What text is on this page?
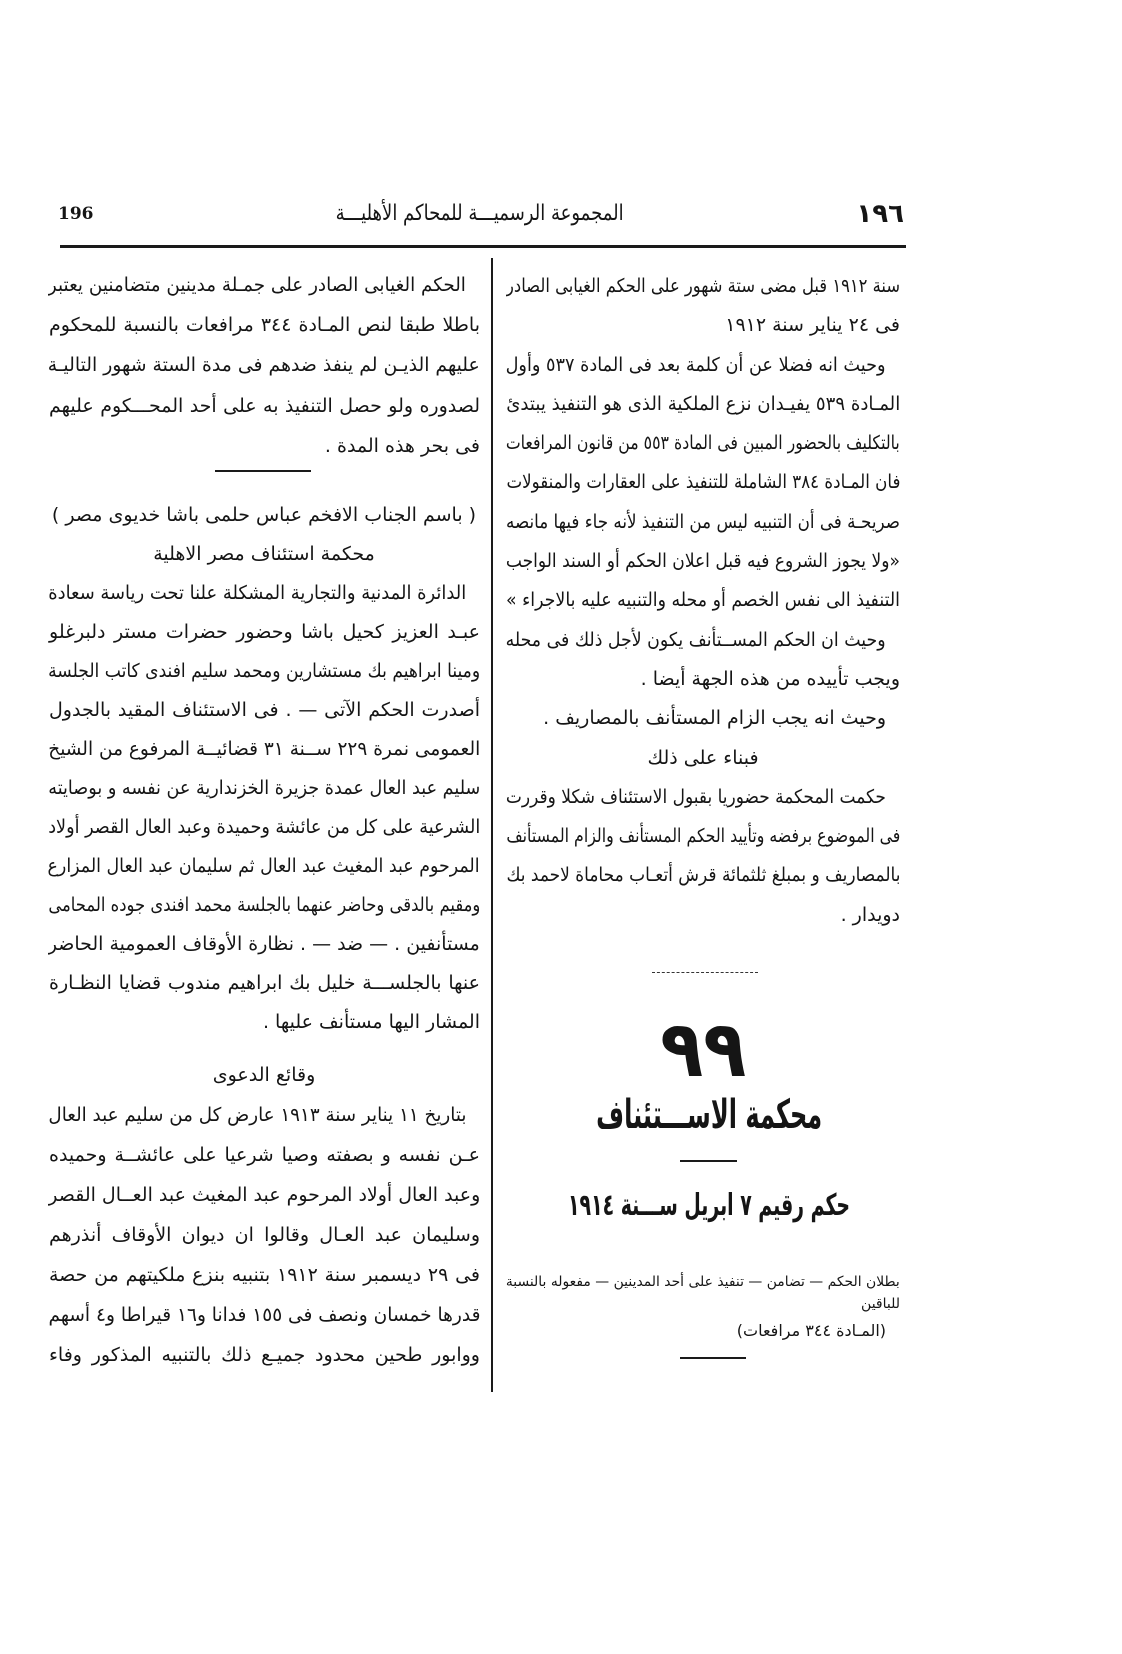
١٩٦
المجموعة الرسميـــة للمحاكم الأهليـــة
196
سنة ١٩١٢ قبل مضى ستة شهور على الحكم الغيابى الصادر
فى ٢٤ يناير سنة ١٩١٢
وحيث انه فضلا عن أن كلمة بعد فى المادة ٥٣٧ وأول
المـادة ٥٣٩ يفيـدان نزع الملكية الذى هو التنفيذ يبتدئ
بالتكليف بالحضور المبين فى المادة ٥٥٣ من قانون المرافعات
فان المـادة ٣٨٤ الشاملة للتنفيذ على العقارات والمنقولات
صريحـة فى أن التنبيه ليس من التنفيذ لأنه جاء فيها مانصه
«ولا يجوز الشروع فيه قبل اعلان الحكم أو السند الواجب
التنفيذ الى نفس الخصم أو محله والتنبيه عليه بالاجراء »
وحيث ان الحكم المســتأنف يكون لأجل ذلك فى محله
ويجب تأييده من هذه الجهة أيضا .
وحيث انه يجب الزام المستأنف بالمصاريف .
فبناء على ذلك
حكمت المحكمة حضوريا بقبول الاستئناف شكلا وقررت
فى الموضوع برفضه وتأييد الحكم المستأنف والزام المستأنف
بالمصاريف و بمبلغ ثلثمائة قرش أتعـاب محاماة لاحمد بك
دويدار .
٩٩
محكمة الاســـتئناف
حكم رقيم ٧ ابريل ســـنة ١٩١٤
بطلان الحكم — تضامن — تنفيذ على أحد المدينين — مفعوله بالنسبة
للباقين
(المـادة ٣٤٤ مرافعات)
الحكم الغيابى الصادر على جمـلة مدينين متضامنين يعتبر
باطلا طبقا لنص المـادة ٣٤٤ مرافعات بالنسبة للمحكوم
عليهم الذيـن لم ينفذ ضدهم فى مدة الستة شهور التاليـة
لصدوره ولو حصل التنفيذ به على أحد المحـــكوم عليهم
فى بحر هذه المدة .
( باسم الجناب الافخم عباس حلمى باشا خديوى مصر )
محكمة استئناف مصر الاهلية
الدائرة المدنية والتجارية المشكلة علنا تحت رياسة سعادة
عبـد العزيز كحيل باشا وحضور حضرات مستر دلبرغلو
ومينا ابراهيم بك مستشارين ومحمد سليم افندى كاتب الجلسة
أصدرت الحكم الآتى — . فى الاستئناف المقيد بالجدول
العمومى نمرة ٢٢٩ ســنة ٣١ قضائيــة المرفوع من الشيخ
سليم عبد العال عمدة جزيرة الخزندارية عن نفسه و بوصايته
الشرعية على كل من عائشة وحميدة وعبد العال القصر أولاد
المرحوم عبد المغيث عبد العال ثم سليمان عبد العال المزارع
ومقيم بالدقى وحاضر عنهما بالجلسة محمد افندى جوده المحامى
مستأنفين . — ضد — . نظارة الأوقاف العمومية الحاضر
عنها بالجلســـة خليل بك ابراهيم مندوب قضايا النظـارة
المشار اليها مستأنف عليها .
وقائع الدعوى
بتاريخ ١١ يناير سنة ١٩١٣ عارض كل من سليم عبد العال
عـن نفسه و بصفته وصيا شرعيا على عائشــة وحميده
وعبد العال أولاد المرحوم عبد المغيث عبد العــال القصر
وسليمان عبد العـال وقالوا ان ديوان الأوقاف أنذرهم
فى ٢٩ ديسمبر سنة ١٩١٢ بتنبيه بنزع ملكيتهم من حصة
قدرها خمسان ونصف فى ١٥٥ فدانا و١٦ قيراطا و٤ أسهم
ووابور طحين محدود جميـع ذلك بالتنبيه المذكور وفاء
